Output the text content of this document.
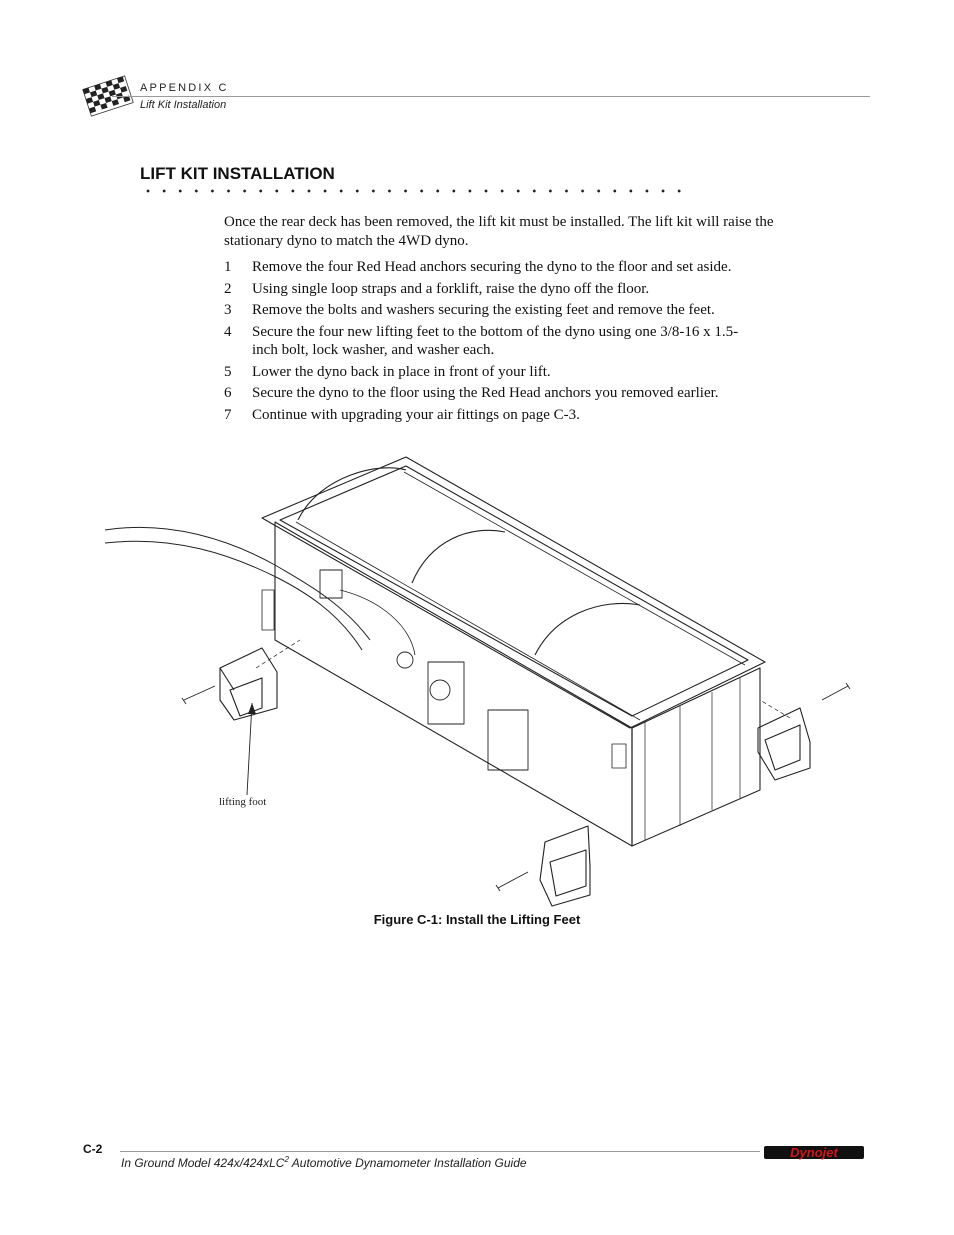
APPENDIX C
Lift Kit Installation
LIFT KIT INSTALLATION

Once the rear deck has been removed, the lift kit must be installed. The lift kit will raise the stationary dyno to match the 4WD dyno.

1 Remove the four Red Head anchors securing the dyno to the floor and set aside.
2 Using single loop straps and a forklift, raise the dyno off the floor.
3 Remove the bolts and washers securing the existing feet and remove the feet.
4 Secure the four new lifting feet to the bottom of the dyno using one 3/8-16 x 1.5-inch bolt, lock washer, and washer each.
5 Lower the dyno back in place in front of your lift.
6 Secure the dyno to the floor using the Red Head anchors you removed earlier.
7 Continue with upgrading your air fittings on page C-3.
lifting foot
Figure C-1: Install the Lifting Feet
C-2
In Ground Model 424x/424xLC$^2$ Automotive Dynamometer Installation Guide
Dynojet
